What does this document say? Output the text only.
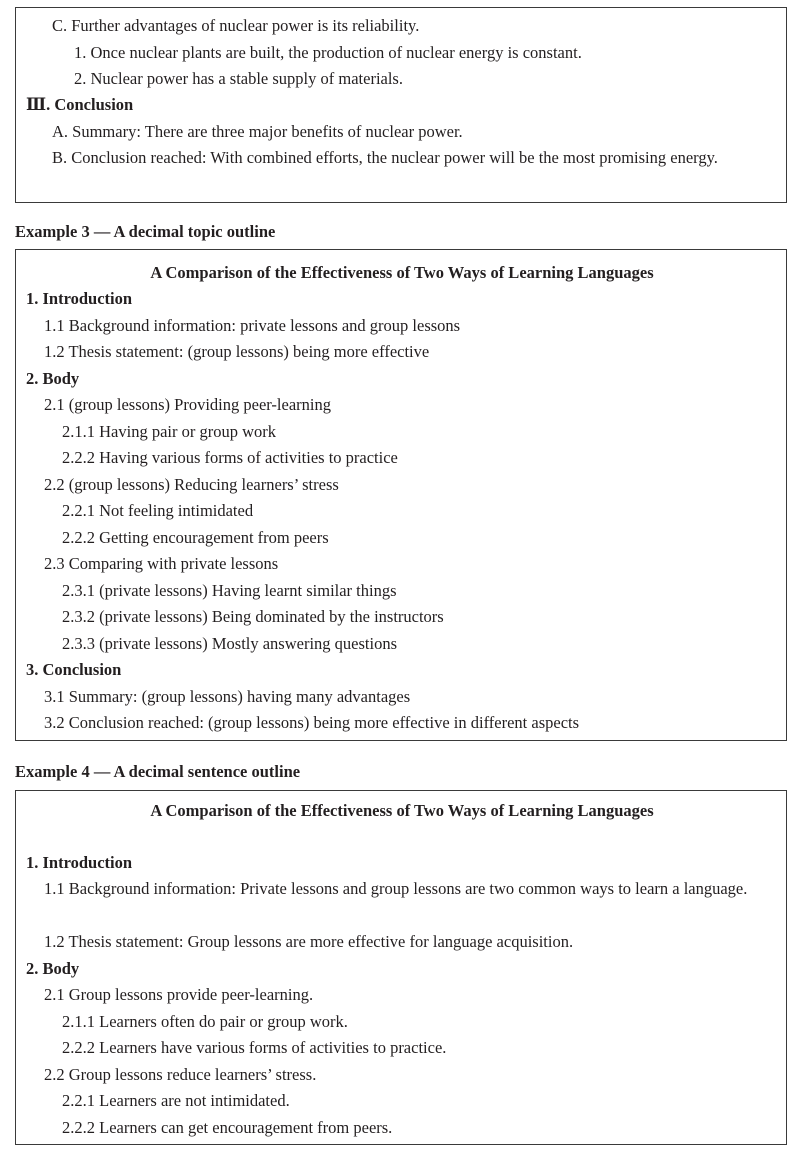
C. Further advantages of nuclear power is its reliability.
1. Once nuclear plants are built, the production of nuclear energy is constant.
2. Nuclear power has a stable supply of materials.
Ⅲ. Conclusion
A. Summary: There are three major benefits of nuclear power.
B. Conclusion reached: With combined efforts, the nuclear power will be the most promising energy.
Example 3 — A decimal topic outline
A Comparison of the Effectiveness of Two Ways of Learning Languages
1. Introduction
1.1 Background information: private lessons and group lessons
1.2 Thesis statement: (group lessons) being more effective
2. Body
2.1 (group lessons) Providing peer-learning
2.1.1 Having pair or group work
2.2.2 Having various forms of activities to practice
2.2 (group lessons) Reducing learners’ stress
2.2.1 Not feeling intimidated
2.2.2 Getting encouragement from peers
2.3 Comparing with private lessons
2.3.1 (private lessons) Having learnt similar things
2.3.2 (private lessons) Being dominated by the instructors
2.3.3 (private lessons) Mostly answering questions
3. Conclusion
3.1 Summary: (group lessons) having many advantages
3.2 Conclusion reached: (group lessons) being more effective in different aspects
Example 4 — A decimal sentence outline
A Comparison of the Effectiveness of Two Ways of Learning Languages
1. Introduction
1.1 Background information: Private lessons and group lessons are two common ways to learn a language.
1.2 Thesis statement: Group lessons are more effective for language acquisition.
2. Body
2.1 Group lessons provide peer-learning.
2.1.1 Learners often do pair or group work.
2.2.2 Learners have various forms of activities to practice.
2.2 Group lessons reduce learners’ stress.
2.2.1 Learners are not intimidated.
2.2.2 Learners can get encouragement from peers.
